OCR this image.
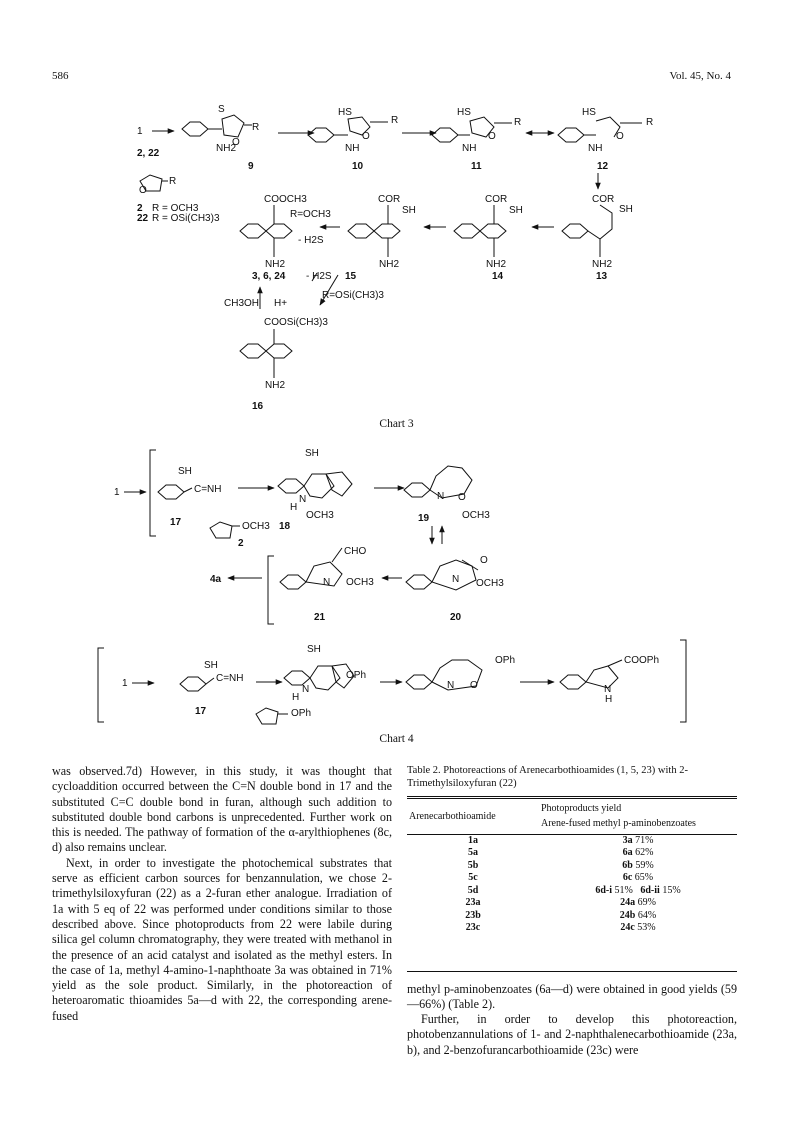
586	Vol. 45, No. 4
1
2, 22
9	10	11	12
S
R
O
NH2
HS
R
O
NH
HS
R
O
NH
HS
R
O
NH
R
O
2 R = OCH3
22 R = OSi(CH3)3
COOCH3
R=OCH3
- H2S
NH2
3, 6, 24 - H2S 15
R=OSi(CH3)3
COR
SH
NH2
COR
SH
NH2
14
COR
SH
NH2
13
CH3OH H+
COOSi(CH3)3
NH2
16
Chart 3
1
SH
C=NH
17	OCH3
2
18
SH
N
H
OCH3
N O
19	OCH3
CHO
4a	N OCH3
21
O
N OCH3
20
1
SH
C=NH
17	OPh
SH
N
H
OPh
OPh
N O
COOPh
N
H
Chart 4

was observed.7d) However, in this study, it was thought that cycloaddition occurred between the C=N double bond in 17 and the substituted C=C double bond in furan, although such addition to substituted double bond carbons is unprecedented. Further work on this is needed. The pathway of formation of the α-arylthiophenes (8c, d) also remains unclear.

Next, in order to investigate the photochemical substrates that serve as efficient carbon sources for benzannulation, we chose 2-trimethylsiloxyfuran (22) as a 2-furan ether analogue. Irradiation of 1a with 5 eq of 22 was performed under conditions similar to those described above. Since photoproducts from 22 were labile during silica gel column chromatography, they were treated with methanol in the presence of an acid catalyst and isolated as the methyl esters. In the case of 1a, methyl 4-amino-1-naphthoate 3a was obtained in 71% yield as the sole product. Similarly, in the photoreaction of heteroaromatic thioamides 5a—d with 22, the corresponding arene-fused

Table 2. Photoreactions of Arenecarbothioamides (1, 5, 23) with 2-Trimethylsiloxyfuran (22)

Arenecarbothioamide	Photoproducts yield
Arene-fused methyl p-aminobenzoates

1a	3a 71%
5a	6a 62%
5b	6b 59%
5c	6c 65%
5d	6d-i 51% 6d-ii 15%
23a	24a 69%
23b	24b 64%
23c	24c 53%

methyl p-aminobenzoates (6a—d) were obtained in good yields (59—66%) (Table 2).

Further, in order to develop this photoreaction, photobenzannulations of 1- and 2-naphthalenecarbothioamide (23a, b), and 2-benzofurancarbothioamide (23c) were
